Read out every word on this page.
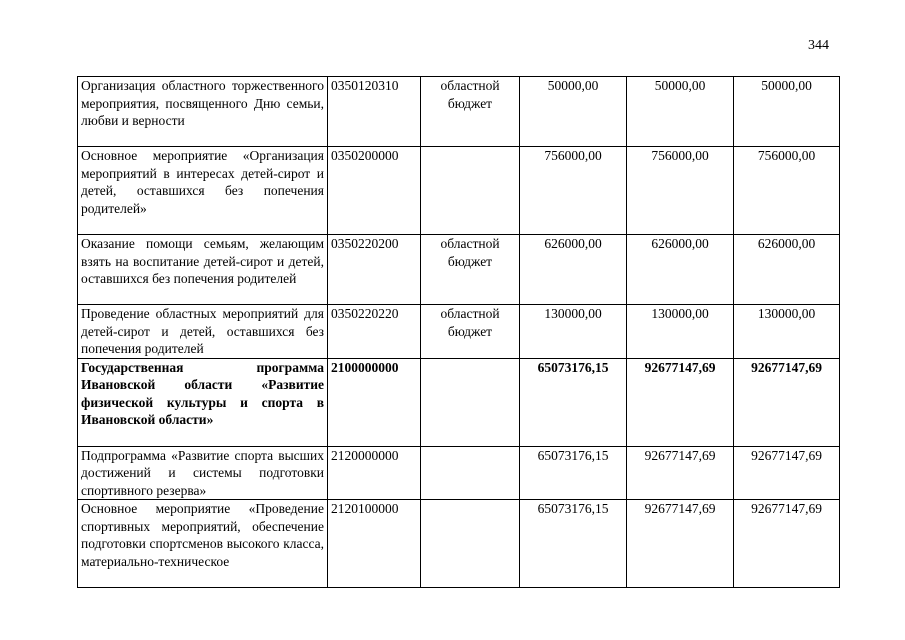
344
Организация областного торжественного мероприятия, посвященного Дню семьи, любви и верности	0350120310	областной бюджет	50000,00	50000,00	50000,00
Основное мероприятие «Организация мероприятий в интересах детей-сирот и детей, оставшихся без попечения родителей»	0350200000		756000,00	756000,00	756000,00
Оказание помощи семьям, желающим взять на воспитание детей-сирот и детей, оставшихся без попечения родителей	0350220200	областной бюджет	626000,00	626000,00	626000,00
Проведение областных мероприятий для детей-сирот и детей, оставшихся без попечения родителей	0350220220	областной бюджет	130000,00	130000,00	130000,00
Государственная программа Ивановской области «Развитие физической культуры и спорта в Ивановской области»	2100000000		65073176,15	92677147,69	92677147,69
Подпрограмма «Развитие спорта высших достижений и системы подготовки спортивного резерва»	2120000000		65073176,15	92677147,69	92677147,69
Основное мероприятие «Проведение спортивных мероприятий, обеспечение подготовки спортсменов высокого класса, материально-техническое	2120100000		65073176,15	92677147,69	92677147,69
